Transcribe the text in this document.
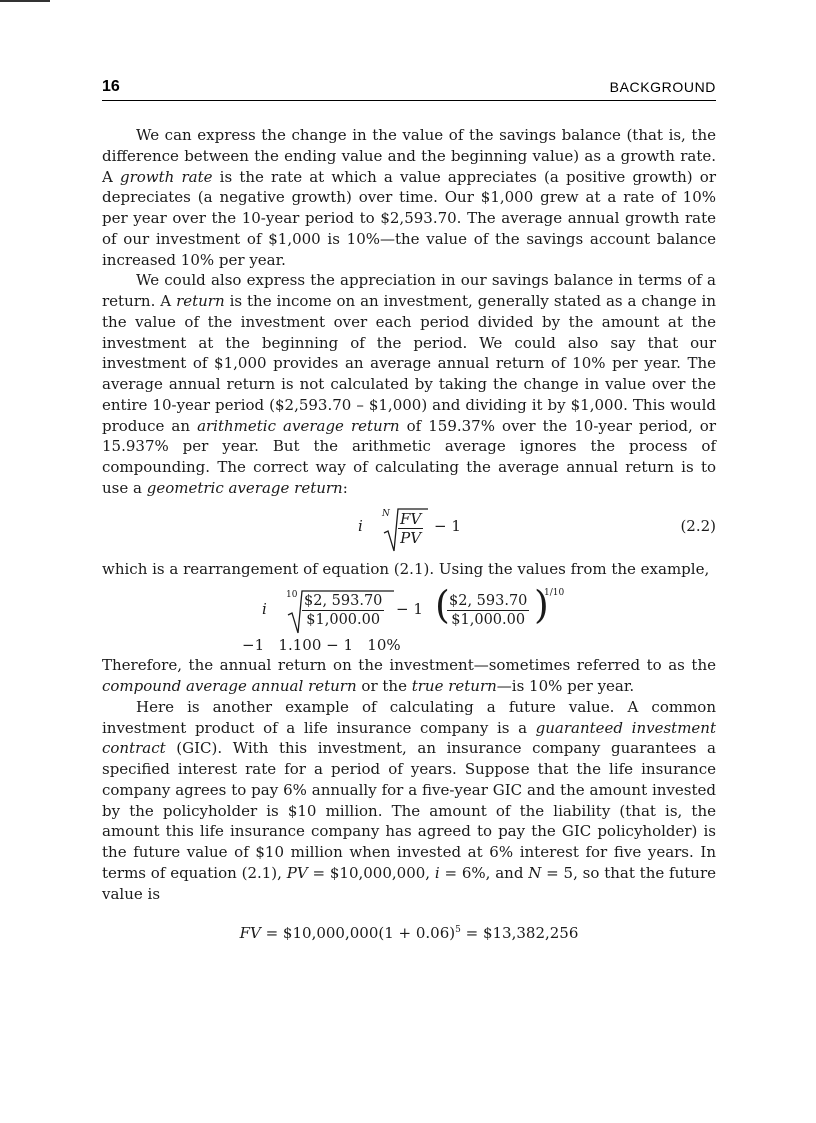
16	BACKGROUND

We can express the change in the value of the savings balance (that is, the difference between the ending value and the beginning value) as a growth rate. A growth rate is the rate at which a value appreciates (a positive growth) or depreciates (a negative growth) over time. Our $1,000 grew at a rate of 10% per year over the 10-year period to $2,593.70. The average annual growth rate of our investment of $1,000 is 10%—the value of the savings account balance increased 10% per year.

We could also express the appreciation in our savings balance in terms of a return. A return is the income on an investment, generally stated as a change in the value of the investment over each period divided by the amount at the investment at the beginning of the period. We could also say that our investment of $1,000 provides an average annual return of 10% per year. The average annual return is not calculated by taking the change in value over the entire 10-year period ($2,593.70 – $1,000) and dividing it by $1,000. This would produce an arithmetic average return of 159.37% over the 10-year period, or 15.937% per year. But the arithmetic average ignores the process of compounding. The correct way of calculating the average annual return is to use a geometric average return:

i
N $\frac{FV}{PV} - 1$	(2.2)

which is a rearrangement of equation (2.1). Using the values from the example,

i
$10 \frac{\$2, 593.70}{\$1,000.00} - 1$ (
$\frac{\$2, 593.70}{\$1,000.00}$ )
1/10
−1   1.100 − 1   10%

Therefore, the annual return on the investment—sometimes referred to as the compound average annual return or the true return—is 10% per year.

Here is another example of calculating a future value. A common investment product of a life insurance company is a guaranteed investment contract (GIC). With this investment, an insurance company guarantees a specified interest rate for a period of years. Suppose that the life insurance company agrees to pay 6% annually for a five-year GIC and the amount invested by the policyholder is $10 million. The amount of the liability (that is, the amount this life insurance company has agreed to pay the GIC policyholder) is the future value of $10 million when invested at 6% interest for five years. In terms of equation (2.1), PV = $10,000,000, i = 6%, and N = 5, so that the future value is

FV = $10,000,000(1 + 0.06)$^5$ = $13,382,256
